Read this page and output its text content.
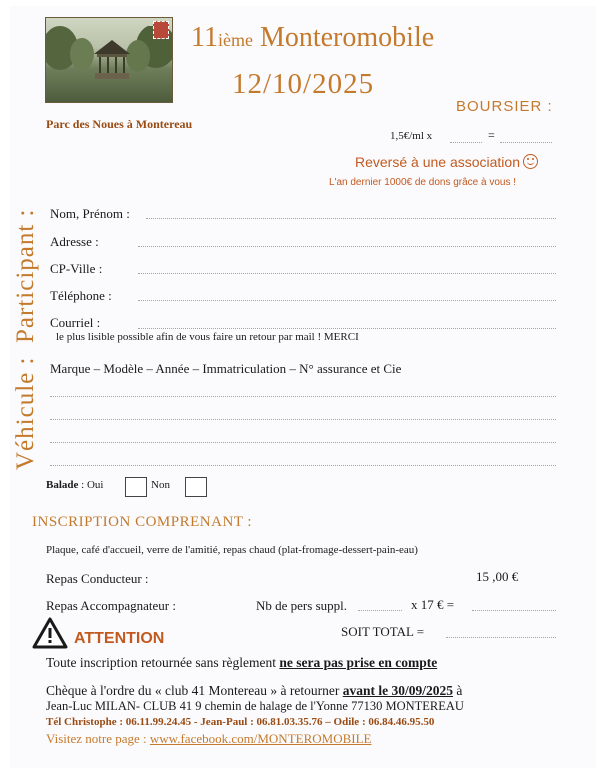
11ième Monteromobile
12/10/2025
Parc des Noues à Montereau
BOURSIER :
1,5€/ml x	=
Reversé à une association
L'an dernier 1000€ de dons grâce à vous !
Participant : Nom, Prénom :
Adresse :
CP-Ville :
Téléphone :
Courriel :
le plus lisible possible afin de vous faire un retour par mail ! MERCI
Véhicule : Marque – Modèle – Année – Immatriculation – N° assurance et Cie
Balade : Oui	Non
INSCRIPTION COMPRENANT :
Plaque, café d'accueil, verre de l'amitié, repas chaud (plat-fromage-dessert-pain-eau)
Repas Conducteur :	15 ,00 €
Repas Accompagnateur :	Nb de pers suppl.	x 17 € =
SOIT TOTAL =
ATTENTION
Toute inscription retournée sans règlement ne sera pas prise en compte
Chèque à l'ordre du « club 41 Montereau » à retourner avant le 30/09/2025 à
Jean-Luc MILAN- CLUB 41 9 chemin de halage de l'Yonne 77130 MONTEREAU
Tél Christophe : 06.11.99.24.45 - Jean-Paul : 06.81.03.35.76 – Odile : 06.84.46.95.50
Visitez notre page : www.facebook.com/MONTEROMOBILE
